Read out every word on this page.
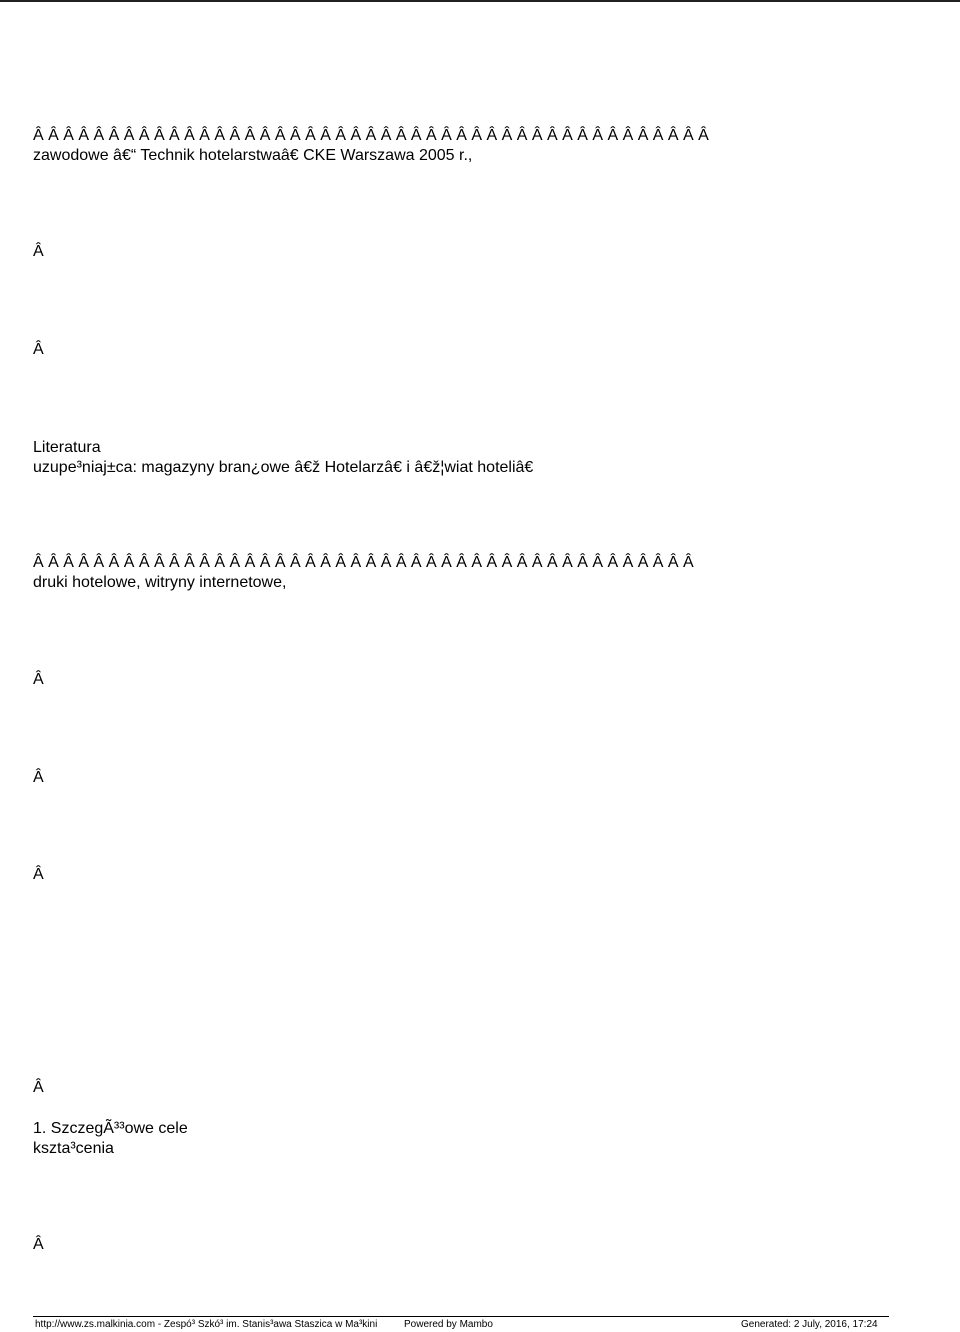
Â Â Â Â Â Â Â Â Â Â Â Â Â Â Â Â Â Â Â Â Â Â Â Â Â Â Â Â Â Â Â Â Â Â Â Â Â Â Â Â Â Â Â Â Â
zawodowe â€“ Technik hotelarstwaâ€ CKE Warszawa 2005 r.,
Â
Â
Literatura
uzupe³niaj±ca: magazyny bran¿owe â€ž Hotelarzâ€ i â€ž¦wiat hoteliâ€
Â Â Â Â Â Â Â Â Â Â Â Â Â Â Â Â Â Â Â Â Â Â Â Â Â Â Â Â Â Â Â Â Â Â Â Â Â Â Â Â Â Â Â Â
druki hotelowe, witryny internetowe,
Â
Â
Â
Â
1. SzczegÃ³³owe cele
kszta³cenia
Â
http://www.zs.malkinia.com - Zespó³ Szkó³ im. Stanis³awa Staszica w Ma³kini	Powered by Mambo	Generated: 2 July, 2016, 17:24
